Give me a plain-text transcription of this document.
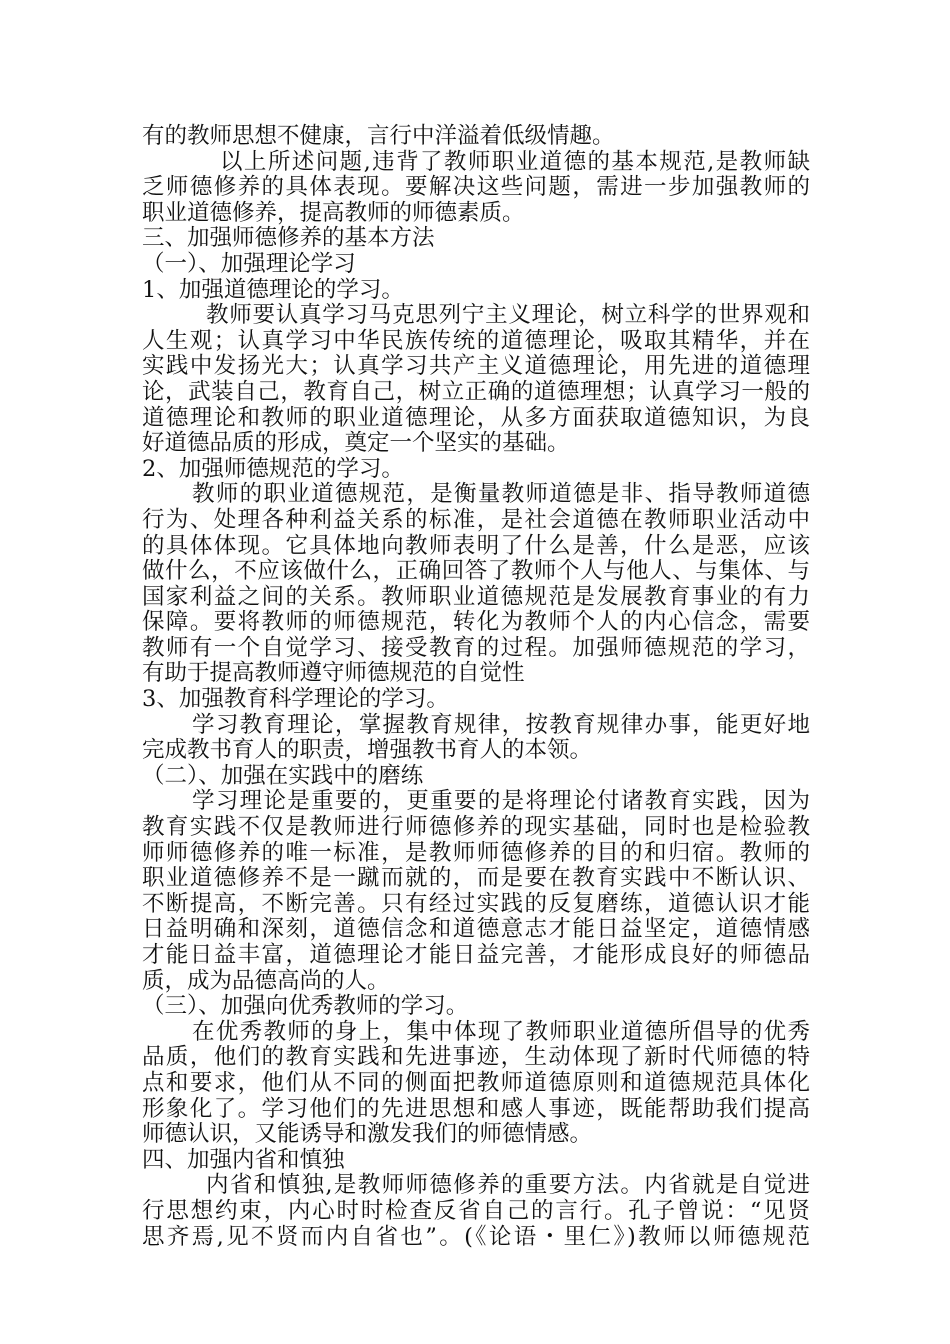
有的教师思想不健康，言行中洋溢着低级情趣。
以上所述问题,违背了教师职业道德的基本规范,是教师缺
乏师德修养的具体表现。要解决这些问题，需进一步加强教师的
职业道德修养，提高教师的师德素质。
三、加强师德修养的基本方法
（一）、加强理论学习
1、加强道德理论的学习。
教师要认真学习马克思列宁主义理论，树立科学的世界观和
人生观；认真学习中华民族传统的道德理论，吸取其精华，并在
实践中发扬光大；认真学习共产主义道德理论，用先进的道德理
论，武装自己，教育自己，树立正确的道德理想；认真学习一般的
道德理论和教师的职业道德理论，从多方面获取道德知识，为良
好道德品质的形成，奠定一个坚实的基础。
2、加强师德规范的学习。
教师的职业道德规范，是衡量教师道德是非、指导教师道德
行为、处理各种利益关系的标准，是社会道德在教师职业活动中
的具体体现。它具体地向教师表明了什么是善，什么是恶，应该
做什么，不应该做什么，正确回答了教师个人与他人、与集体、与
国家利益之间的关系。教师职业道德规范是发展教育事业的有力
保障。要将教师的师德规范，转化为教师个人的内心信念，需要
教师有一个自觉学习、接受教育的过程。加强师德规范的学习，
有助于提高教师遵守师德规范的自觉性
3、加强教育科学理论的学习。
学习教育理论，掌握教育规律，按教育规律办事，能更好地
完成教书育人的职责，增强教书育人的本领。
（二）、加强在实践中的磨练
学习理论是重要的，更重要的是将理论付诸教育实践，因为
教育实践不仅是教师进行师德修养的现实基础，同时也是检验教
师师德修养的唯一标准，是教师师德修养的目的和归宿。教师的
职业道德修养不是一蹴而就的，而是要在教育实践中不断认识、
不断提高，不断完善。只有经过实践的反复磨练，道德认识才能
日益明确和深刻，道德信念和道德意志才能日益坚定，道德情感
才能日益丰富，道德理论才能日益完善，才能形成良好的师德品
质，成为品德高尚的人。
（三）、加强向优秀教师的学习。
在优秀教师的身上，集中体现了教师职业道德所倡导的优秀
品质，他们的教育实践和先进事迹，生动体现了新时代师德的特
点和要求，他们从不同的侧面把教师道德原则和道德规范具体化
形象化了。学习他们的先进思想和感人事迹，既能帮助我们提高
师德认识，又能诱导和激发我们的师德情感。
四、加强内省和慎独
内省和慎独,是教师师德修养的重要方法。内省就是自觉进
行思想约束，内心时时检查反省自己的言行。孔子曾说：“见贤
思齐焉,见不贤而内自省也”。(《论语・里仁》)教师以师德规范
